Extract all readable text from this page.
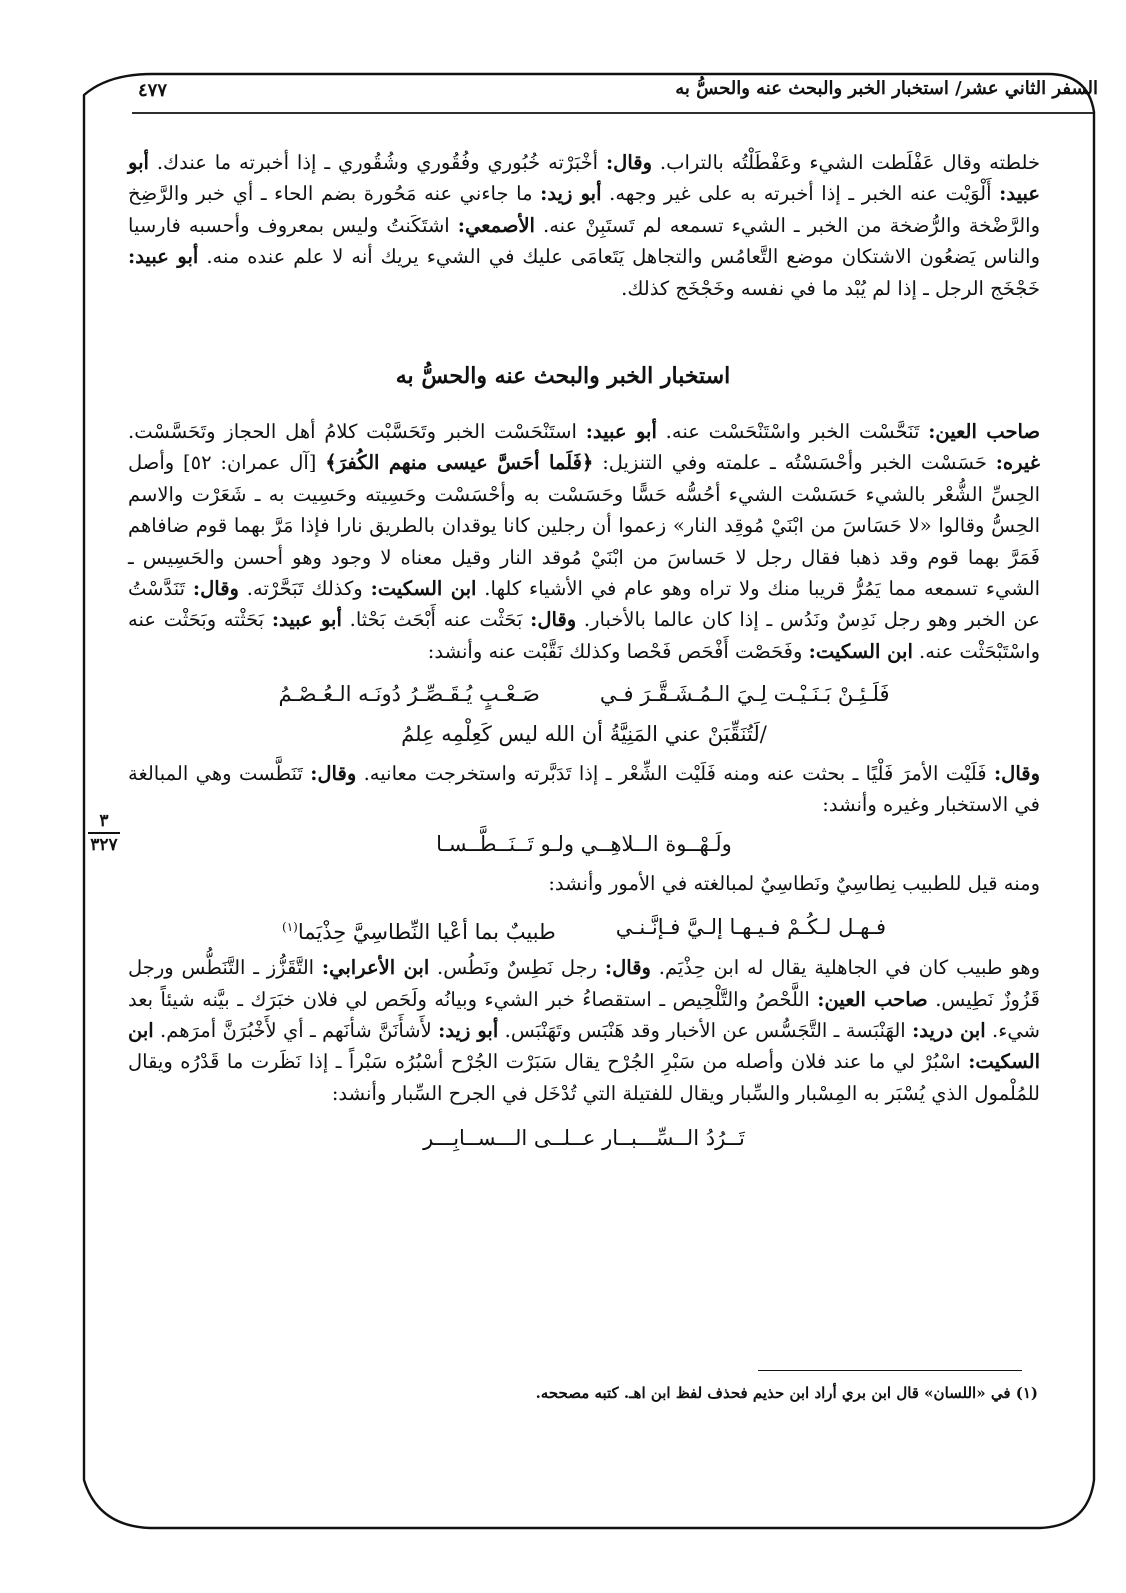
السفر الثاني عشر/ استخبار الخبر والبحث عنه والحسُّ به
٤٧٧
خلطته وقال عَفْلَطت الشيء وعَفْطَلْتُه بالتراب. وقال: أخْبَرْته خُبُوري وفُقُوري وشُقُوري ـ إذا أخبرته ما عندك. أبو عبيد: أَلْوَيْت عنه الخبر ـ إذا أخبرته به على غير وجهه. أبو زيد: ما جاءني عنه مَحُورة بضم الحاء ـ أي خبر والرَّضِخ والرَّضْخة والرُّضخة من الخبر ـ الشيء تسمعه لم تَستَبِنْ عنه. الأصمعي: اشتَكَنتُ وليس بمعروف وأحسبه فارسيا والناس يَضعُون الاشتكان موضع التَّعامُس والتجاهل يَتَعامَى عليك في الشيء يريك أنه لا علم عنده منه. أبو عبيد: خَجْخَج الرجل ـ إذا لم يُبْد ما في نفسه وخَجْخَج كذلك.
استخبار الخبر والبحث عنه والحسُّ به
صاحب العين: تَنَحَّسْت الخبر واسْتَنْحَسْت عنه. أبو عبيد: استَنْحَسْت الخبر وتَحَسَّبْت كلامُ أهل الحجاز وتَحَسَّسْت. غيره: حَسَسْت الخبر وأحْسَسْتُه ـ علمته وفي التنزيل: ﴿فَلَما أحَسَّ عيسى منهم الكُفرَ﴾ [آل عمران: ٥٢] وأصل الحِسِّ الشُّعْر بالشيء حَسَسْت الشيء أحُسُّه حَسًّا وحَسَسْت به وأحْسَسْت وحَسِيته وحَسِيت به ـ شَعَرْت والاسم الحِسُّ وقالوا «لا حَسَاسَ من ابْنَيْ مُوقِد النار» زعموا أن رجلين كانا يوقدان بالطريق نارا فإذا مَرَّ بهما قوم ضافاهم فَمَرَّ بهما قوم وقد ذهبا فقال رجل لا حَساسَ من ابْنَيْ مُوقد النار وقيل معناه لا وجود وهو أحسن والحَسِيس ـ الشيء تسمعه مما يَمُرُّ قريبا منك ولا تراه وهو عام في الأشياء كلها. ابن السكيت: وكذلك تَبَحَّرْته. وقال: تَنَدَّسْتُ عن الخبر وهو رجل نَدِسٌ ونَدُس ـ إذا كان عالما بالأخبار. وقال: بَحَثْت عنه أَبْحَث بَحْثا. أبو عبيد: بَحَثْته وبَحَثْت عنه واسْتَبْحَثْت عنه. ابن السكيت: وفَحَصْت أَفْحَص فَحْصا وكذلك نَقَّبْت عنه وأنشد:
فَلَـئِـنْ بَـنَـيْـت لِـيَ الـمُـشَـقَّـرَ فـي
صَـعْـبٍ يُـقَـصِّـرُ دُونَـه الـعُـصْـمُ
/لَتُنَقِّبَنْ عني المَنِيَّةُ أن الله ليس كَعِلْمِه عِلمُ
وقال: فَلَيْت الأمرَ فَلْيًا ـ بحثت عنه ومنه فَلَيْت الشِّعْر ـ إذا تَدَبَّرته واستخرجت معانيه. وقال: تَنَطَّست وهي المبالغة في الاستخبار وغيره وأنشد:
ولَـهْــوة الــلاهِــي ولـو تَــنَــطَّــسـا
ومنه قيل للطبيب نِطاسِيٌ ونَطاسِيٌ لمبالغته في الأمور وأنشد:
فـهـل لـكُـمْ فـيـهـا إلـيَّ فـإنَّـنـي
طبيبٌ بما أعْيا النِّطاسِيَّ حِذْيَما$^{(١)}$
وهو طبيب كان في الجاهلية يقال له ابن حِذْيَم. وقال: رجل نَطِسٌ ونَطُس. ابن الأعرابي: التَّقَزُّز ـ التَّنَطُّس ورجل قَزُوزٌ نَطِيس. صاحب العين: اللَّحْصُ والتَّلْحِيص ـ استقصاءُ خبر الشيء وبيانُه ولَحَص لي فلان خبَرَك ـ بيَّنه شيئاً بعد شيء. ابن دريد: الهَنْبَسة ـ التَّجَسُّس عن الأخبار وقد هَنْبَس وتَهَنْبَس. أبو زيد: لأَشأَنَنَّ شأنَهم ـ أي لأَخْبُرَنَّ أمرَهم. ابن السكيت: اسْبُرْ لي ما عند فلان وأصله من سَبْرِ الجُرْح يقال سَبَرْت الجُرْح أسْبُرُه سَبْراً ـ إذا نَظَرت ما قَدْرُه ويقال للمُلْمول الذي يُسْبَر به المِسْبار والسِّبار ويقال للفتيلة التي تُدْخَل في الجرح السِّبار وأنشد:
تَــرُدُ الــسِّـــبــار عــلــى الـــســابِـــر
٣
٣٢٧
(١) في «اللسان» قال ابن بري أراد ابن حذيم فحذف لفظ ابن اهـ. كتبه مصححه.
